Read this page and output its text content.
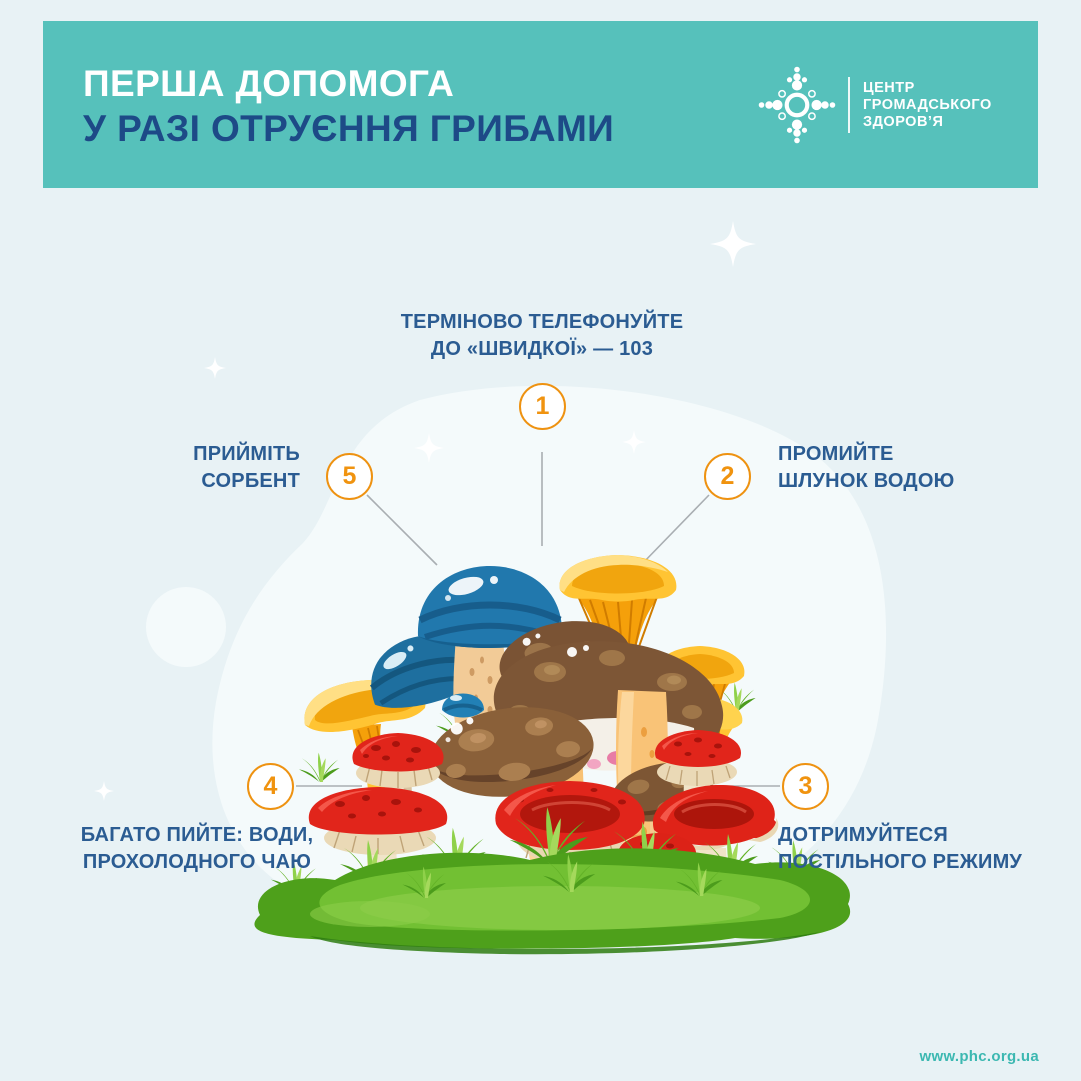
ПЕРША ДОПОМОГА
У РАЗІ ОТРУЄННЯ ГРИБАМИ
ЦЕНТР
ГРОМАДСЬКОГО
ЗДОРОВ’Я
ТЕРМІНОВО ТЕЛЕФОНУЙТЕ
ДО «ШВИДКОЇ» — 103
1
2
ПРОМИЙТЕ
ШЛУНОК ВОДОЮ
3
ДОТРИМУЙТЕСЯ
ПОСТІЛЬНОГО РЕЖИМУ
4
БАГАТО ПИЙТЕ: ВОДИ,
ПРОХОЛОДНОГО ЧАЮ
5
ПРИЙМІТЬ
СОРБЕНТ
www.phc.org.ua
